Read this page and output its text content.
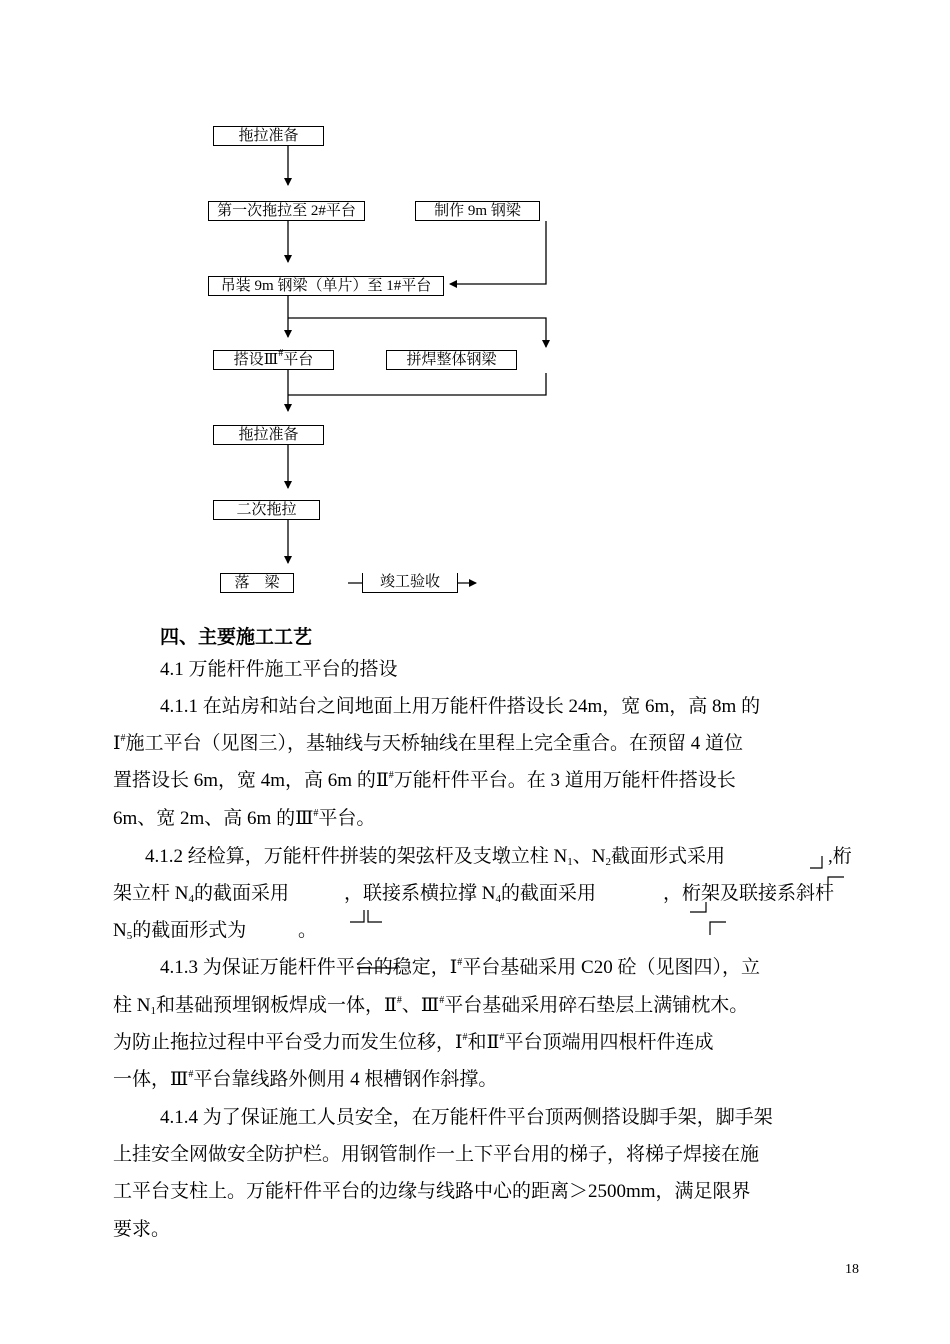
拖拉准备
第一次拖拉至 2#平台	制作 9m 钢梁
吊装 9m 钢梁（单片）至 1#平台
搭设Ⅲ#平台	拼焊整体钢梁
拖拉准备
二次拖拉
落　梁	竣工验收
四、主要施工工艺
4.1 万能杆件施工平台的搭设
4.1.1 在站房和站台之间地面上用万能杆件搭设长 24m，宽 6m，高 8m 的
Ⅰ#施工平台（见图三），基轴线与天桥轴线在里程上完全重合。在预留 4 道位
置搭设长 6m，宽 4m，高 6m 的Ⅱ#万能杆件平台。在 3 道用万能杆件搭设长
6m、宽 2m、高 6m 的Ⅲ#平台。
4.1.2 经检算，万能杆件拼装的架弦杆及支墩立柱 $N_1$、$N_2$截面形式采用	,桁
架立杆 $N_4$的截面采用	，联接系横拉撑 $N_4$的截面采用	，桁架及联接系斜杆
$N_5$的截面形式为	。
4.1.3 为保证万能杆件平台的稳定，Ⅰ#平台基础采用 C20 砼（见图四），立
柱 $N_1$和基础预埋钢板焊成一体，Ⅱ#、Ⅲ#平台基础采用碎石垫层上满铺枕木。
为防止拖拉过程中平台受力而发生位移，Ⅰ#和Ⅱ#平台顶端用四根杆件连成
一体，Ⅲ#平台靠线路外侧用 4 根槽钢作斜撑。
4.1.4 为了保证施工人员安全，在万能杆件平台顶两侧搭设脚手架，脚手架
上挂安全网做安全防护栏。用钢管制作一上下平台用的梯子，将梯子焊接在施
工平台支柱上。万能杆件平台的边缘与线路中心的距离＞2500mm，满足限界
要求。
18
